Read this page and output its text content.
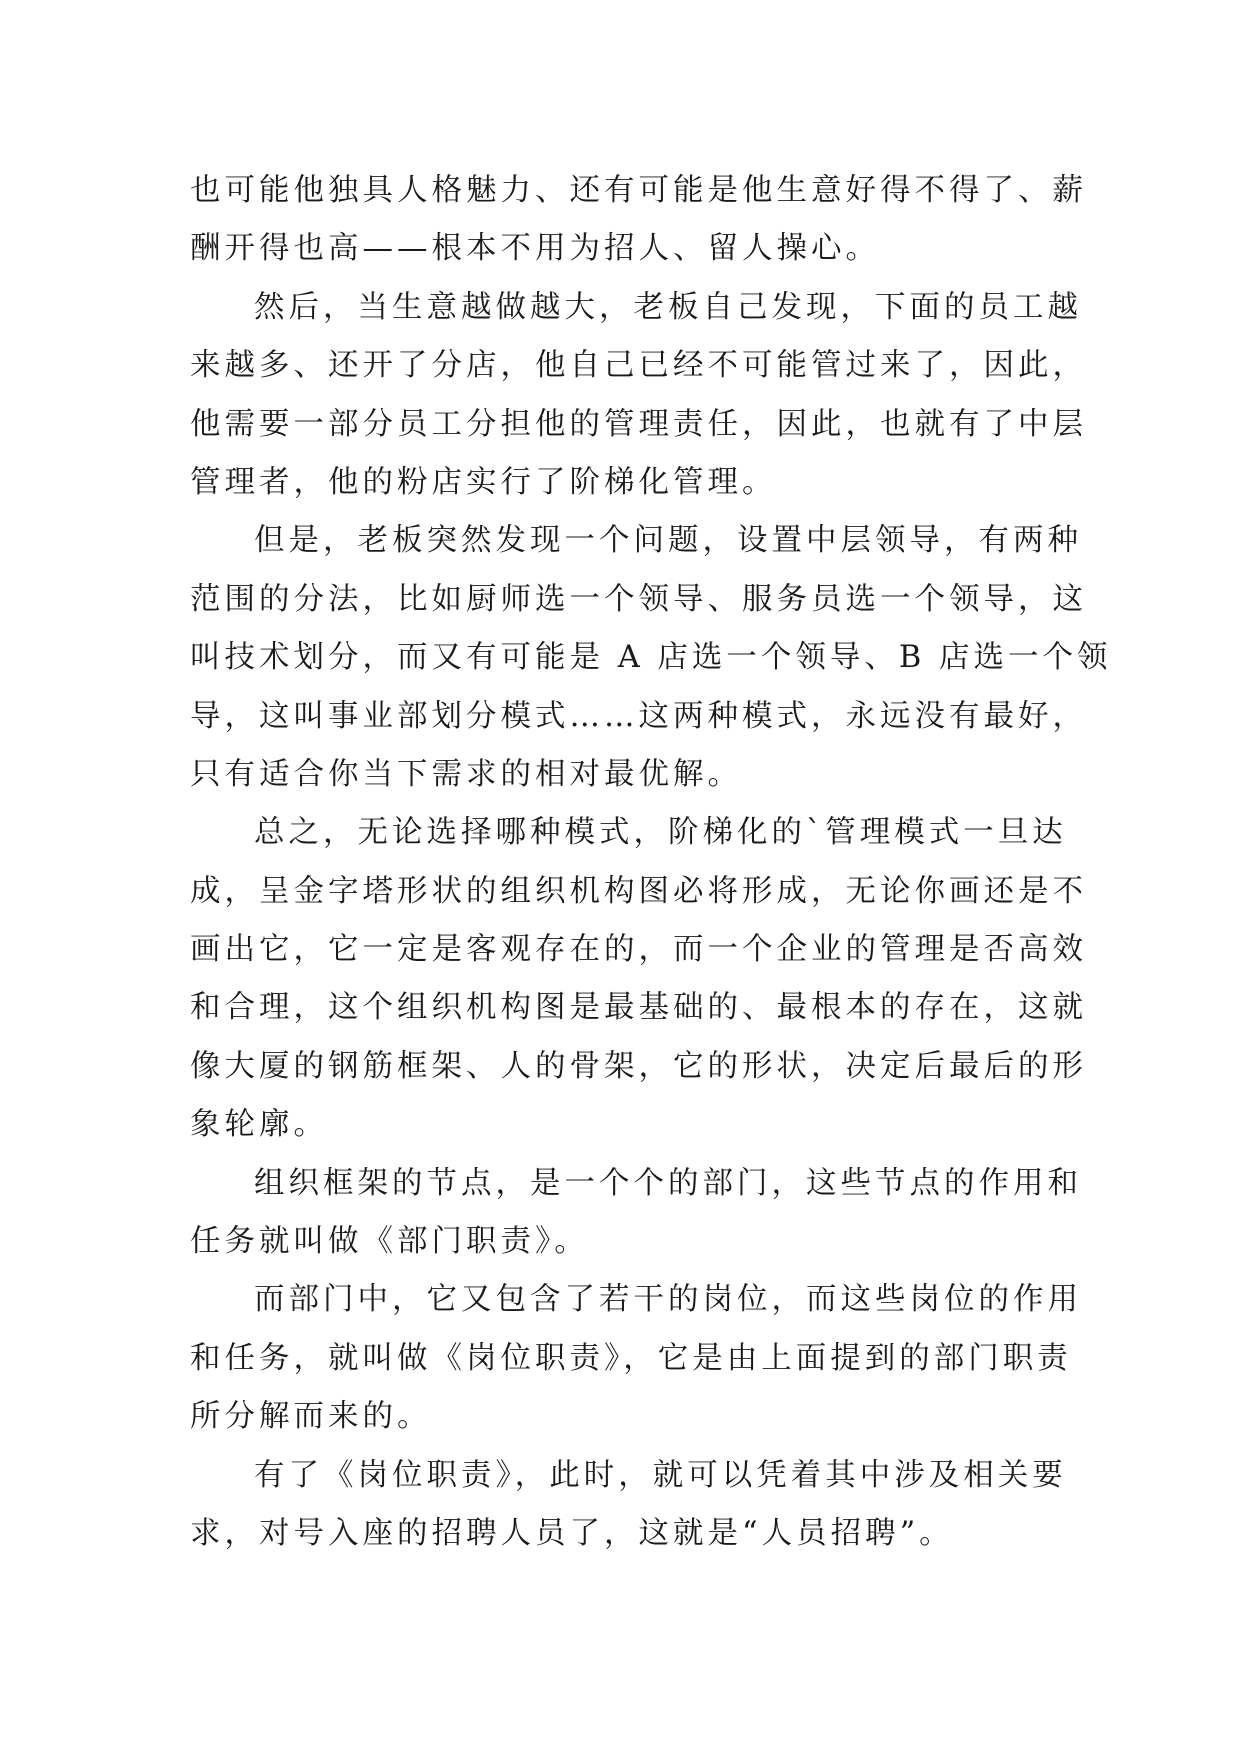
也可能他独具人格魅力、还有可能是他生意好得不得了、薪
酬开得也高——根本不用为招人、留人操心。
然后，当生意越做越大，老板自己发现，下面的员工越
来越多、还开了分店，他自己已经不可能管过来了，因此，
他需要一部分员工分担他的管理责任，因此，也就有了中层
管理者，他的粉店实行了阶梯化管理。
但是，老板突然发现一个问题，设置中层领导，有两种
范围的分法，比如厨师选一个领导、服务员选一个领导，这
叫技术划分，而又有可能是 A 店选一个领导、B 店选一个领
导，这叫事业部划分模式……这两种模式，永远没有最好，
只有适合你当下需求的相对最优解。
总之，无论选择哪种模式，阶梯化的`管理模式一旦达
成，呈金字塔形状的组织机构图必将形成，无论你画还是不
画出它，它一定是客观存在的，而一个企业的管理是否高效
和合理，这个组织机构图是最基础的、最根本的存在，这就
像大厦的钢筋框架、人的骨架，它的形状，决定后最后的形
象轮廓。
组织框架的节点，是一个个的部门，这些节点的作用和
任务就叫做《部门职责》。
而部门中，它又包含了若干的岗位，而这些岗位的作用
和任务，就叫做《岗位职责》，它是由上面提到的部门职责
所分解而来的。
有了《岗位职责》，此时，就可以凭着其中涉及相关要
求，对号入座的招聘人员了，这就是“人员招聘”。
